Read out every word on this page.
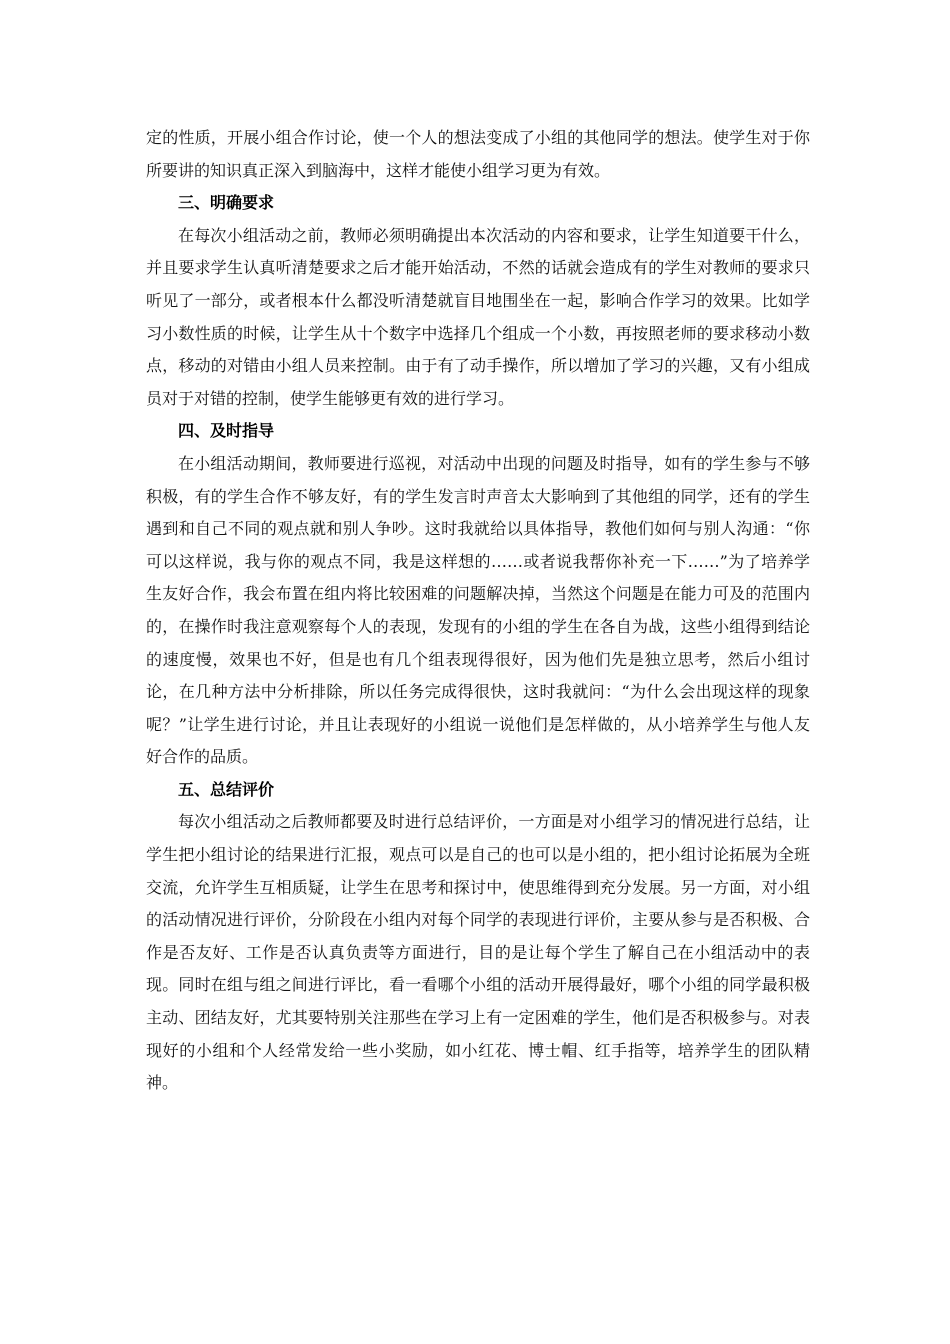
定的性质，开展小组合作讨论，使一个人的想法变成了小组的其他同学的想法。使学生对于你所要讲的知识真正深入到脑海中，这样才能使小组学习更为有效。

三、明确要求

在每次小组活动之前，教师必须明确提出本次活动的内容和要求，让学生知道要干什么，并且要求学生认真听清楚要求之后才能开始活动，不然的话就会造成有的学生对教师的要求只听见了一部分，或者根本什么都没听清楚就盲目地围坐在一起，影响合作学习的效果。比如学习小数性质的时候，让学生从十个数字中选择几个组成一个小数，再按照老师的要求移动小数点，移动的对错由小组人员来控制。由于有了动手操作，所以增加了学习的兴趣，又有小组成员对于对错的控制，使学生能够更有效的进行学习。

四、及时指导

在小组活动期间，教师要进行巡视，对活动中出现的问题及时指导，如有的学生参与不够积极，有的学生合作不够友好，有的学生发言时声音太大影响到了其他组的同学，还有的学生遇到和自己不同的观点就和别人争吵。这时我就给以具体指导，教他们如何与别人沟通：“你可以这样说，我与你的观点不同，我是这样想的……或者说我帮你补充一下……”为了培养学生友好合作，我会布置在组内将比较困难的问题解决掉，当然这个问题是在能力可及的范围内的，在操作时我注意观察每个人的表现，发现有的小组的学生在各自为战，这些小组得到结论的速度慢，效果也不好，但是也有几个组表现得很好，因为他们先是独立思考，然后小组讨论，在几种方法中分析排除，所以任务完成得很快，这时我就问：“为什么会出现这样的现象呢？”让学生进行讨论，并且让表现好的小组说一说他们是怎样做的，从小培养学生与他人友好合作的品质。

五、总结评价

每次小组活动之后教师都要及时进行总结评价，一方面是对小组学习的情况进行总结，让学生把小组讨论的结果进行汇报，观点可以是自己的也可以是小组的，把小组讨论拓展为全班交流，允许学生互相质疑，让学生在思考和探讨中，使思维得到充分发展。另一方面，对小组的活动情况进行评价，分阶段在小组内对每个同学的表现进行评价，主要从参与是否积极、合作是否友好、工作是否认真负责等方面进行，目的是让每个学生了解自己在小组活动中的表现。同时在组与组之间进行评比，看一看哪个小组的活动开展得最好，哪个小组的同学最积极主动、团结友好，尤其要特别关注那些在学习上有一定困难的学生，他们是否积极参与。对表现好的小组和个人经常发给一些小奖励，如小红花、博士帽、红手指等，培养学生的团队精神。
